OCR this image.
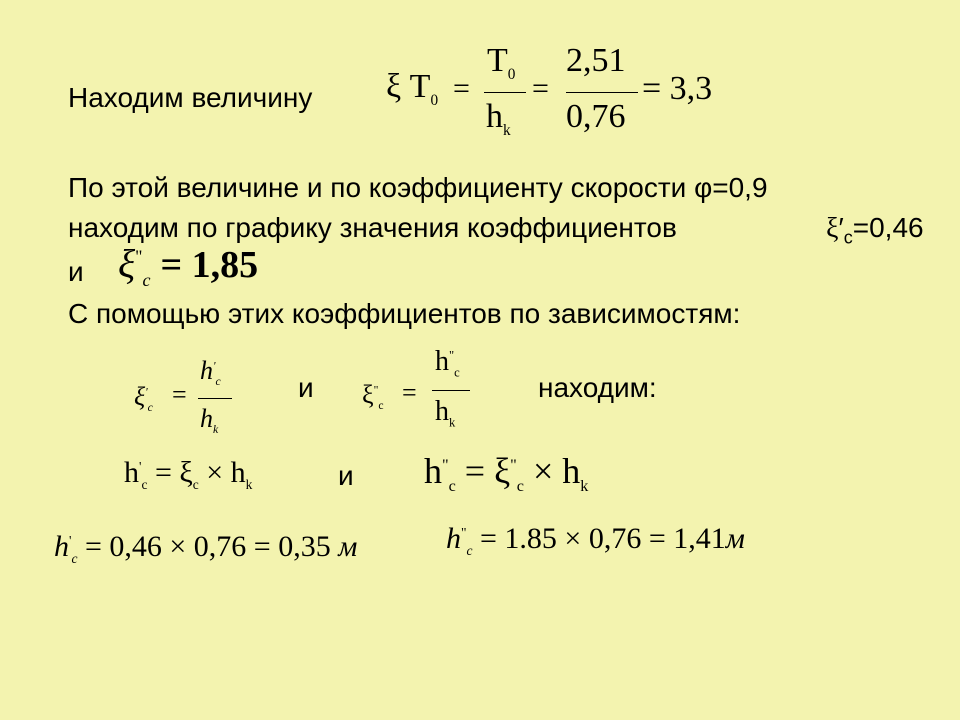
Находим величину ξ $T_0$ =
$T_0$
$h_k$
=
2,51
0,76
= 3,3
По этой величине и по коэффициенту скорости φ=0,9
находим по графику значения коэффициентов	$\xi'_c=0,46$
и $\xi^"_c = 1,85$
С помощью этих коэффициентов по зависимостям:
$\xi'_c$ =
$h'_c$
$h_k$
и $\xi^"_c$ =
$h^"_c$
$h_k$
находим:
$h'_c = \xi_c \times h_k$	и $h^"_c = \xi^"_c \times h_k$
$h'_c = 0,46 \times 0,76 = 0,35$ м	$h^"_c = 1.85 \times 0,76 = 1,41м$
